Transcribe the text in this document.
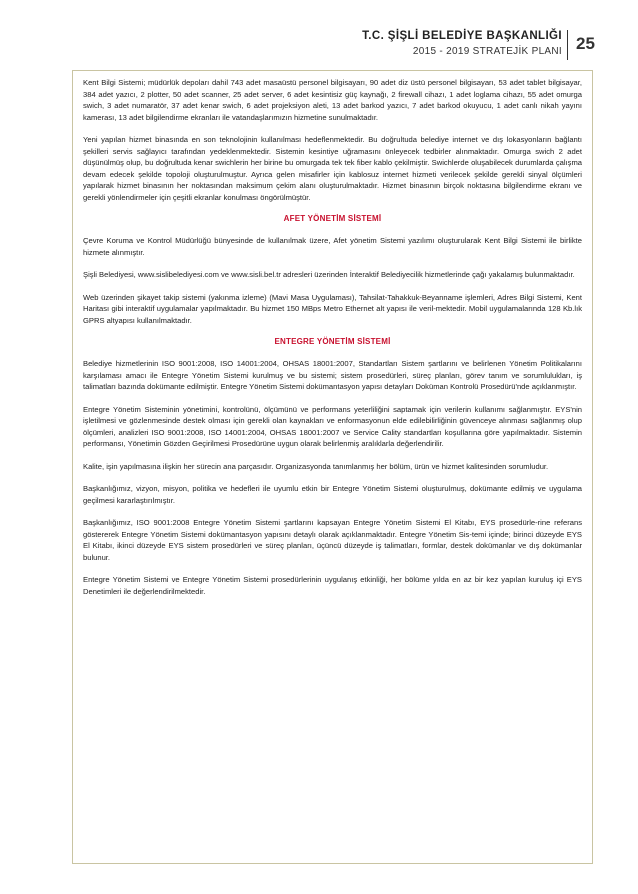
T.C. ŞİŞLİ BELEDİYE BAŞKANLIĞI
2015 - 2019 STRATEJİK PLANI 25

Kent Bilgi Sistemi; müdürlük depoları dahil 743 adet masaüstü personel bilgisayarı, 90 adet diz üstü personel bilgisayarı, 53 adet tablet bilgisayar, 384 adet yazıcı, 2 plotter, 50 adet scanner, 25 adet server, 6 adet kesintisiz güç kaynağı, 2 firewall cihazı, 1 adet loglama cihazı, 55 adet omurga swich, 3 adet numaratör, 37 adet kenar swich, 6 adet projeksiyon aleti, 13 adet barkod yazıcı, 7 adet barkod okuyucu, 1 adet canlı nikah yayını kamerası, 13 adet bilgilendirme ekranları ile vatandaşlarımızın hizmetine sunulmaktadır.

Yeni yapılan hizmet binasında en son teknolojinin kullanılması hedeflenmektedir. Bu doğrultuda belediye internet ve dış lokasyonların bağlantı şekilleri servis sağlayıcı tarafından yedeklenmektedir. Sistemin kesintiye uğramasını önleyecek tedbirler alınmaktadır. Omurga swich 2 adet düşünülmüş olup, bu doğrultuda kenar swichlerin her birine bu omurgada tek tek fiber kablo çekilmiştir. Swichlerde oluşabilecek durumlarda çalışma devam edecek şekilde topoloji oluşturulmuştur. Ayrıca gelen misafirler için kablosuz internet hizmeti verilecek şekilde gerekli sinyal ölçümleri yapılarak hizmet binasının her noktasından maksimum çekim alanı oluşturulmaktadır. Hizmet binasının birçok noktasına bilgilendirme ekranı ve gerekli yönlendirmeler için çeşitli ekranlar konulması öngörülmüştür.

AFET YÖNETİM SİSTEMİ

Çevre Koruma ve Kontrol Müdürlüğü bünyesinde de kullanılmak üzere, Afet yönetim Sistemi yazılımı oluşturularak Kent Bilgi Sistemi ile birlikte hizmete alınmıştır.

Şişli Belediyesi, www.sislibelediyesi.com ve www.sisli.bel.tr adresleri üzerinden İnteraktif Belediyecilik hizmetlerinde çağı yakalamış bulunmaktadır.

Web üzerinden şikayet takip sistemi (yakınma izleme) (Mavi Masa Uygulaması), Tahsilat-Tahakkuk-Beyanname işlemleri, Adres Bilgi Sistemi, Kent Haritası gibi interaktif uygulamalar yapılmaktadır. Bu hizmet 150 MBps Metro Ethernet alt yapısı ile veril-mektedir. Mobil uygulamalarında 128 Kb.lık GPRS altyapısı kullanılmaktadır.

ENTEGRE YÖNETİM SİSTEMİ

Belediye hizmetlerinin ISO 9001:2008, ISO 14001:2004, OHSAS 18001:2007, Standartları Sistem şartlarını ve belirlenen Yönetim Politikalarını karşılaması amacı ile Entegre Yönetim Sistemi kurulmuş ve bu sistemi; sistem prosedürleri, süreç planları, görev tanım ve sorumlulukları, iş talimatları bazında dokümante edilmiştir. Entegre Yönetim Sistemi dokümantasyon yapısı detayları Doküman Kontrolü Prosedürü'nde açıklanmıştır.

Entegre Yönetim Sisteminin yönetimini, kontrolünü, ölçümünü ve performans yeterliliğini saptamak için verilerin kullanımı sağlanmıştır. EYS'nin işletilmesi ve gözlenmesinde destek olması için gerekli olan kaynakları ve enformasyonun elde edilebilirliğinin güvenceye alınması sağlanmış olup ölçümleri, analizleri ISO 9001:2008, ISO 14001:2004, OHSAS 18001:2007 ve Service Cality standartları koşullarına göre yapılmaktadır. Sistemin performansı, Yönetimin Gözden Geçirilmesi Prosedürüne uygun olarak belirlenmiş aralıklarla değerlendirilir.

Kalite, işin yapılmasına ilişkin her sürecin ana parçasıdır. Organizasyonda tanımlanmış her bölüm, ürün ve hizmet kalitesinden sorumludur.

Başkanlığımız, vizyon, misyon, politika ve hedefleri ile uyumlu etkin bir Entegre Yönetim Sistemi oluşturulmuş, dokümante edilmiş ve uygulama geçilmesi kararlaştırılmıştır.

Başkanlığımız, ISO 9001:2008 Entegre Yönetim Sistemi şartlarını kapsayan Entegre Yönetim Sistemi El Kitabı, EYS prosedürle-rine referans göstererek Entegre Yönetim Sistemi dokümantasyon yapısını detaylı olarak açıklanmaktadır. Entegre Yönetim Sis-temi içinde; birinci düzeyde EYS El Kitabı, ikinci düzeyde EYS sistem prosedürleri ve süreç planları, üçüncü düzeyde iş talimatları, formlar, destek dokümanlar ve dış dokümanlar bulunur.

Entegre Yönetim Sistemi ve Entegre Yönetim Sistemi prosedürlerinin uygulanış etkinliği, her bölüme yılda en az bir kez yapılan kuruluş içi EYS Denetimleri ile değerlendirilmektedir.
